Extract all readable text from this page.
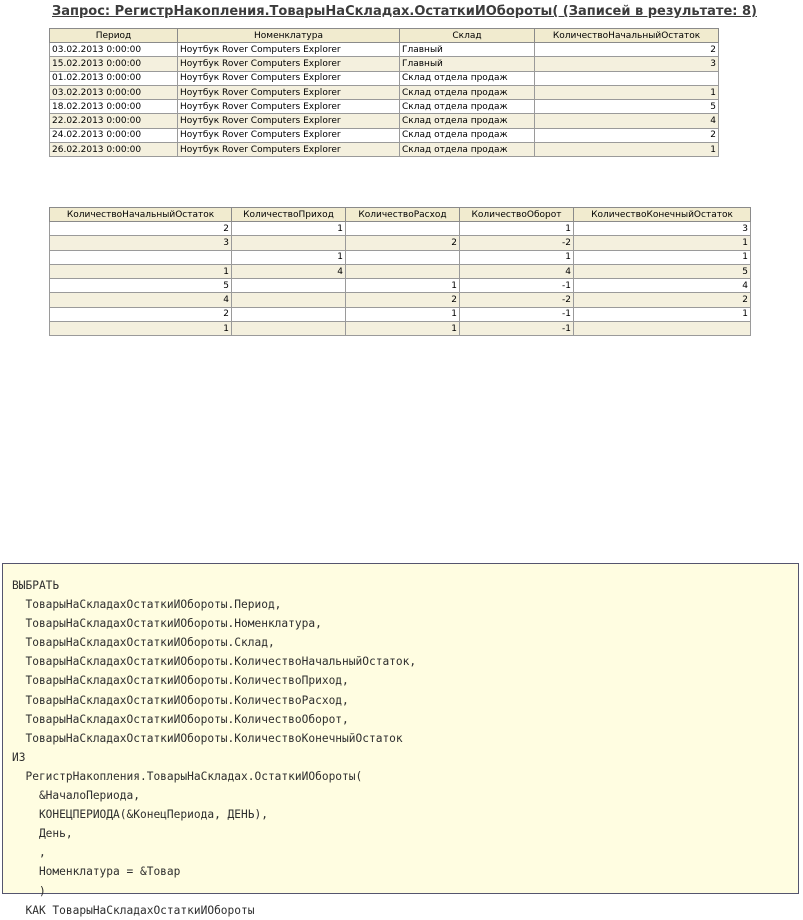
Запрос: РегистрНакопления.ТоварыНаСкладах.ОстаткиИОбороты( (Записей в результате: 8)
Период	Номенклатура	Склад	КоличествоНачальныйОстаток
03.02.2013 0:00:00	Ноутбук Rover Computers Explorer	Главный	2
15.02.2013 0:00:00	Ноутбук Rover Computers Explorer	Главный	3
01.02.2013 0:00:00	Ноутбук Rover Computers Explorer	Склад отдела продаж	
03.02.2013 0:00:00	Ноутбук Rover Computers Explorer	Склад отдела продаж	1
18.02.2013 0:00:00	Ноутбук Rover Computers Explorer	Склад отдела продаж	5
22.02.2013 0:00:00	Ноутбук Rover Computers Explorer	Склад отдела продаж	4
24.02.2013 0:00:00	Ноутбук Rover Computers Explorer	Склад отдела продаж	2
26.02.2013 0:00:00	Ноутбук Rover Computers Explorer	Склад отдела продаж	1
КоличествоНачальныйОстаток	КоличествоПриход	КоличествоРасход	КоличествоОборот	КоличествоКонечныйОстаток
2	1		1	3
3		2	-2	1
	1		1	1
1	4		4	5
5		1	-1	4
4		2	-2	2
2		1	-1	1
1		1	-1	
ВЫБРАТЬ
ТоварыНаСкладахОстаткиИОбороты.Период,
ТоварыНаСкладахОстаткиИОбороты.Номенклатура,
ТоварыНаСкладахОстаткиИОбороты.Склад,
ТоварыНаСкладахОстаткиИОбороты.КоличествоНачальныйОстаток,
ТоварыНаСкладахОстаткиИОбороты.КоличествоПриход,
ТоварыНаСкладахОстаткиИОбороты.КоличествоРасход,
ТоварыНаСкладахОстаткиИОбороты.КоличествоОборот,
ТоварыНаСкладахОстаткиИОбороты.КоличествоКонечныйОстаток
ИЗ
РегистрНакопления.ТоварыНаСкладах.ОстаткиИОбороты(
&НачалоПериода,
КОНЕЦПЕРИОДА(&КонецПериода, ДЕНЬ),
День,
,
Номенклатура = &Товар
)
КАК ТоварыНаСкладахОстаткиИОбороты
